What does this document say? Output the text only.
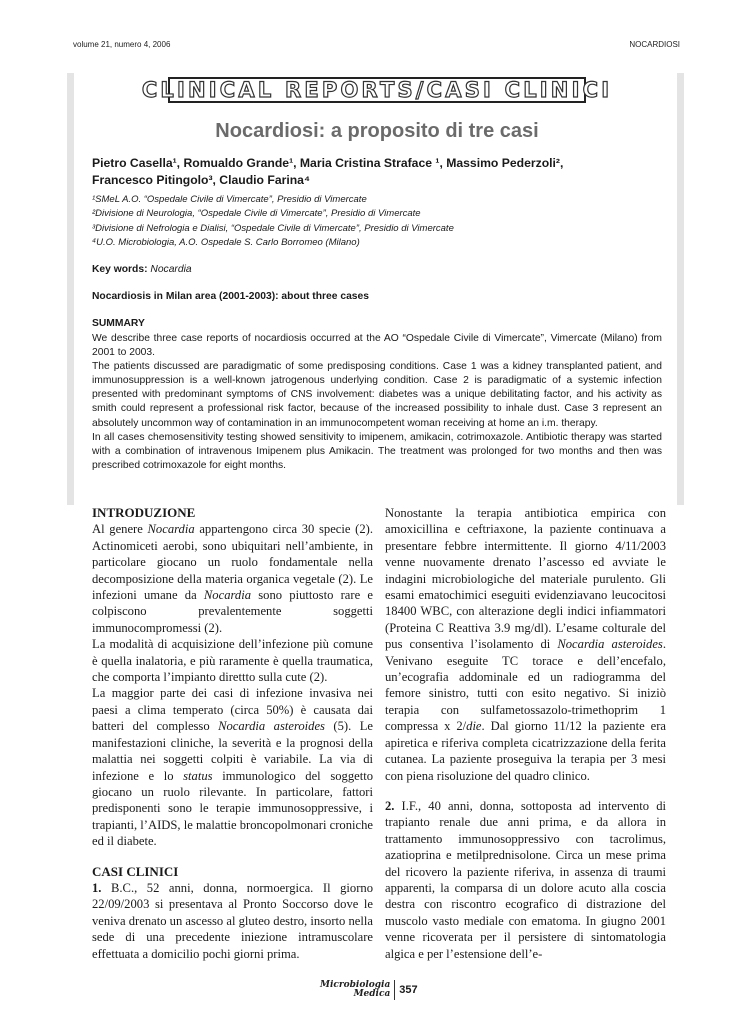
volume 21, numero 4, 2006	NOCARDIOSI
CLINICAL REPORTS/CASI CLINICI
Nocardiosi: a proposito di tre casi
Pietro Casella¹, Romualdo Grande¹, Maria Cristina Straface ¹, Massimo Pederzoli²,
Francesco Pitingolo³, Claudio Farina⁴
¹SMeL A.O. “Ospedale Civile di Vimercate”, Presidio di Vimercate
²Divisione di Neurologia, “Ospedale Civile di Vimercate”, Presidio di Vimercate
³Divisione di Nefrologia e Dialisi, “Ospedale Civile di Vimercate”, Presidio di Vimercate
⁴U.O. Microbiologia, A.O. Ospedale S. Carlo Borromeo (Milano)
Key words: Nocardia
Nocardiosis in Milan area (2001-2003): about three cases
SUMMARY

We describe three case reports of nocardiosis occurred at the AO “Ospedale Civile di Vimercate”, Vimercate (Milano) from 2001 to 2003.

The patients discussed are paradigmatic of some predisposing conditions. Case 1 was a kidney transplanted patient, and immunosuppression is a well-known jatrogenous underlying condition. Case 2 is paradigmatic of a systemic infection presented with predominant symptoms of CNS involvement: diabetes was a unique debilitating factor, and his activity as smith could represent a professional risk factor, because of the increased possibility to inhale dust. Case 3 represent an absolutely uncommon way of contamination in an immunocompetent woman receiving at home an i.m. therapy.

In all cases chemosensitivity testing showed sensitivity to imipenem, amikacin, cotrimoxazole. Antibiotic therapy was started with a combination of intravenous Imipenem plus Amikacin. The treatment was prolonged for two months and then was prescribed cotrimoxazole for eight months.

INTRODUZIONE

Al genere Nocardia appartengono circa 30 specie (2). Actinomiceti aerobi, sono ubiquitari nell’ambiente, in particolare giocano un ruolo fondamentale nella decomposizione della materia organica vegetale (2). Le infezioni umane da Nocardia sono piuttosto rare e colpiscono prevalentemente soggetti immunocompromessi (2).

La modalità di acquisizione dell’infezione più comune è quella inalatoria, e più raramente è quella traumatica, che comporta l’impianto direttto sulla cute (2).

La maggior parte dei casi di infezione invasiva nei paesi a clima temperato (circa 50%) è causata dai batteri del complesso Nocardia asteroides (5). Le manifestazioni cliniche, la severità e la prognosi della malattia nei soggetti colpiti è variabile. La via di infezione e lo status immunologico del soggetto giocano un ruolo rilevante. In particolare, fattori predisponenti sono le terapie immunosoppressive, i trapianti, l’AIDS, le malattie broncopolmonari croniche ed il diabete.

CASI CLINICI

1. B.C., 52 anni, donna, normoergica. Il giorno 22/09/2003 si presentava al Pronto Soccorso dove le veniva drenato un ascesso al gluteo destro, insorto nella sede di una precedente iniezione intramuscolare effettuata a domicilio pochi giorni prima.

Nonostante la terapia antibiotica empirica con amoxicillina e ceftriaxone, la paziente continuava a presentare febbre intermittente. Il giorno 4/11/2003 venne nuovamente drenato l’ascesso ed avviate le indagini microbiologiche del materiale purulento. Gli esami ematochimici eseguiti evidenziavano leucocitosi 18400 WBC, con alterazione degli indici infiammatori (Proteina C Reattiva 3.9 mg/dl). L’esame colturale del pus consentiva l’isolamento di Nocardia asteroides. Venivano eseguite TC torace e dell’encefalo, un’ecografia addominale ed un radiogramma del femore sinistro, tutti con esito negativo. Si iniziò terapia con sulfametossazolo-trimethoprim 1 compressa x 2/die. Dal giorno 11/12 la paziente era apiretica e riferiva completa cicatrizzazione della ferita cutanea. La paziente proseguiva la terapia per 3 mesi con piena risoluzione del quadro clinico.

2. I.F., 40 anni, donna, sottoposta ad intervento di trapianto renale due anni prima, e da allora in trattamento immunosoppressivo con tacrolimus, azatioprina e metilprednisolone. Circa un mese prima del ricovero la paziente riferiva, in assenza di traumi apparenti, la comparsa di un dolore acuto alla coscia destra con riscontro ecografico di distrazione del muscolo vasto mediale con ematoma. In giugno 2001 venne ricoverata per il persistere di sintomatologia algica e per l’estensione dell’e-

Microbiologia
Medica 357
